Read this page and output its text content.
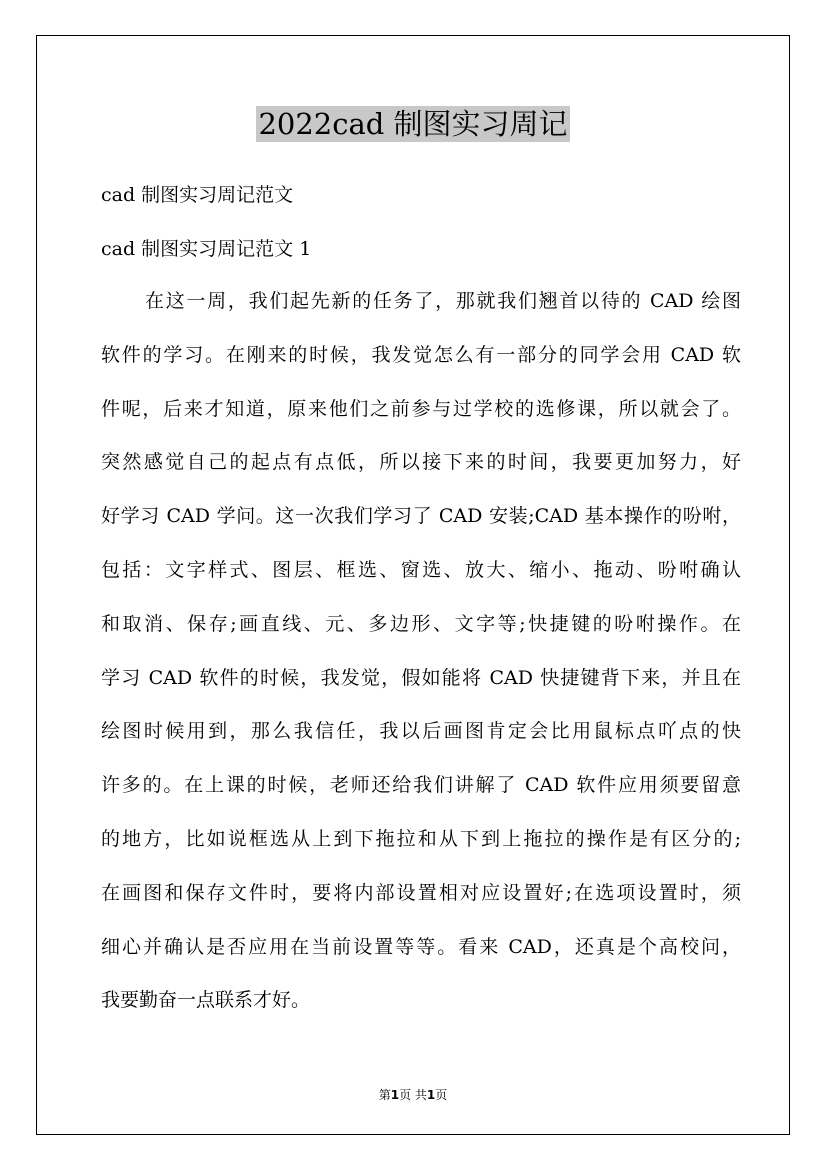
2022cad 制图实习周记
cad 制图实习周记范文
cad 制图实习周记范文 1
在这一周，我们起先新的任务了，那就我们翘首以待的 CAD 绘图
软件的学习。在刚来的时候，我发觉怎么有一部分的同学会用 CAD 软
件呢，后来才知道，原来他们之前参与过学校的选修课，所以就会了。
突然感觉自己的起点有点低，所以接下来的时间，我要更加努力，好
好学习 CAD 学问。这一次我们学习了 CAD 安装;CAD 基本操作的吩咐，
包括：文字样式、图层、框选、窗选、放大、缩小、拖动、吩咐确认
和取消、保存;画直线、元、多边形、文字等;快捷键的吩咐操作。在
学习 CAD 软件的时候，我发觉，假如能将 CAD 快捷键背下来，并且在
绘图时候用到，那么我信任，我以后画图肯定会比用鼠标点吖点的快
许多的。在上课的时候，老师还给我们讲解了 CAD 软件应用须要留意
的地方，比如说框选从上到下拖拉和从下到上拖拉的操作是有区分的;
在画图和保存文件时，要将内部设置相对应设置好;在选项设置时，须
细心并确认是否应用在当前设置等等。看来 CAD，还真是个高校问，
我要勤奋一点联系才好。
第1页 共1页
